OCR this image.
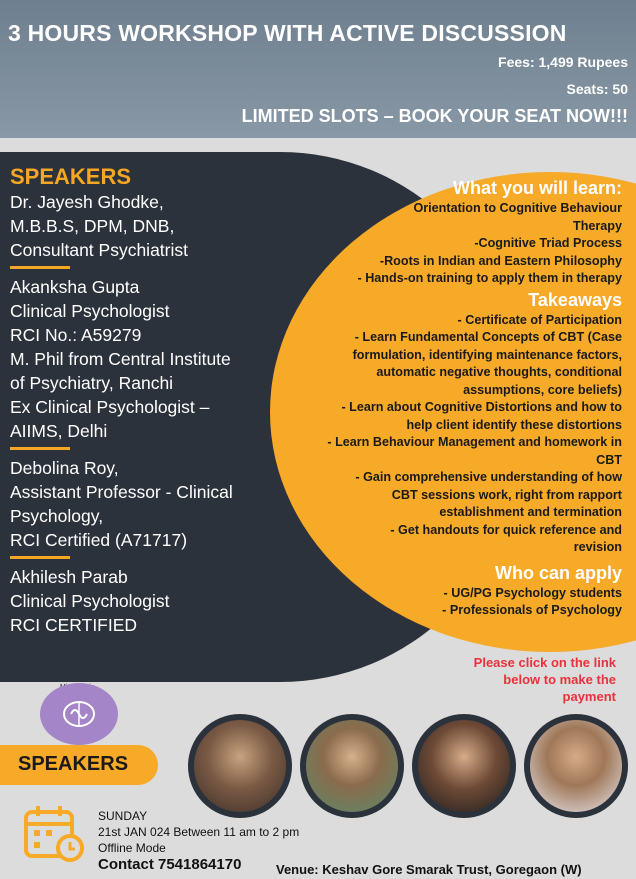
3 HOURS WORKSHOP WITH ACTIVE DISCUSSION
Fees: 1,499 Rupees
Seats: 50
LIMITED SLOTS – BOOK YOUR SEAT NOW!!!
SPEAKERS
Dr. Jayesh Ghodke,
M.B.B.S, DPM, DNB,
Consultant Psychiatrist
Akanksha Gupta
Clinical Psychologist
RCI No.: A59279
M. Phil from Central Institute
of Psychiatry, Ranchi
Ex Clinical Psychologist –
AIIMS, Delhi
Debolina Roy,
Assistant Professor - Clinical
Psychology,
RCI Certified (A71717)
Akhilesh Parab
Clinical Psychologist
RCI CERTIFIED
What you will learn:
Orientation to Cognitive Behaviour
Therapy
-Cognitive Triad Process
-Roots in Indian and Eastern Philosophy
- Hands-on training to apply them in therapy
Takeaways
- Certificate of Participation
- Learn Fundamental Concepts of CBT (Case
formulation, identifying maintenance factors,
automatic negative thoughts, conditional
assumptions, core beliefs)
- Learn about Cognitive Distortions and how to
help client identify these distortions
- Learn Behaviour Management and homework in
CBT
- Gain comprehensive understanding of how
CBT sessions work, right from rapport
establishment and termination
- Get handouts for quick reference and
revision
Who can apply
- UG/PG Psychology students
- Professionals of Psychology
Please click on the link
below to make the
payment
SPEAKERS
SUNDAY
21st JAN 024 Between 11 am to 2 pm
Offline Mode
Contact 7541864170	Venue: Keshav Gore Smarak Trust, Goregaon (W)
